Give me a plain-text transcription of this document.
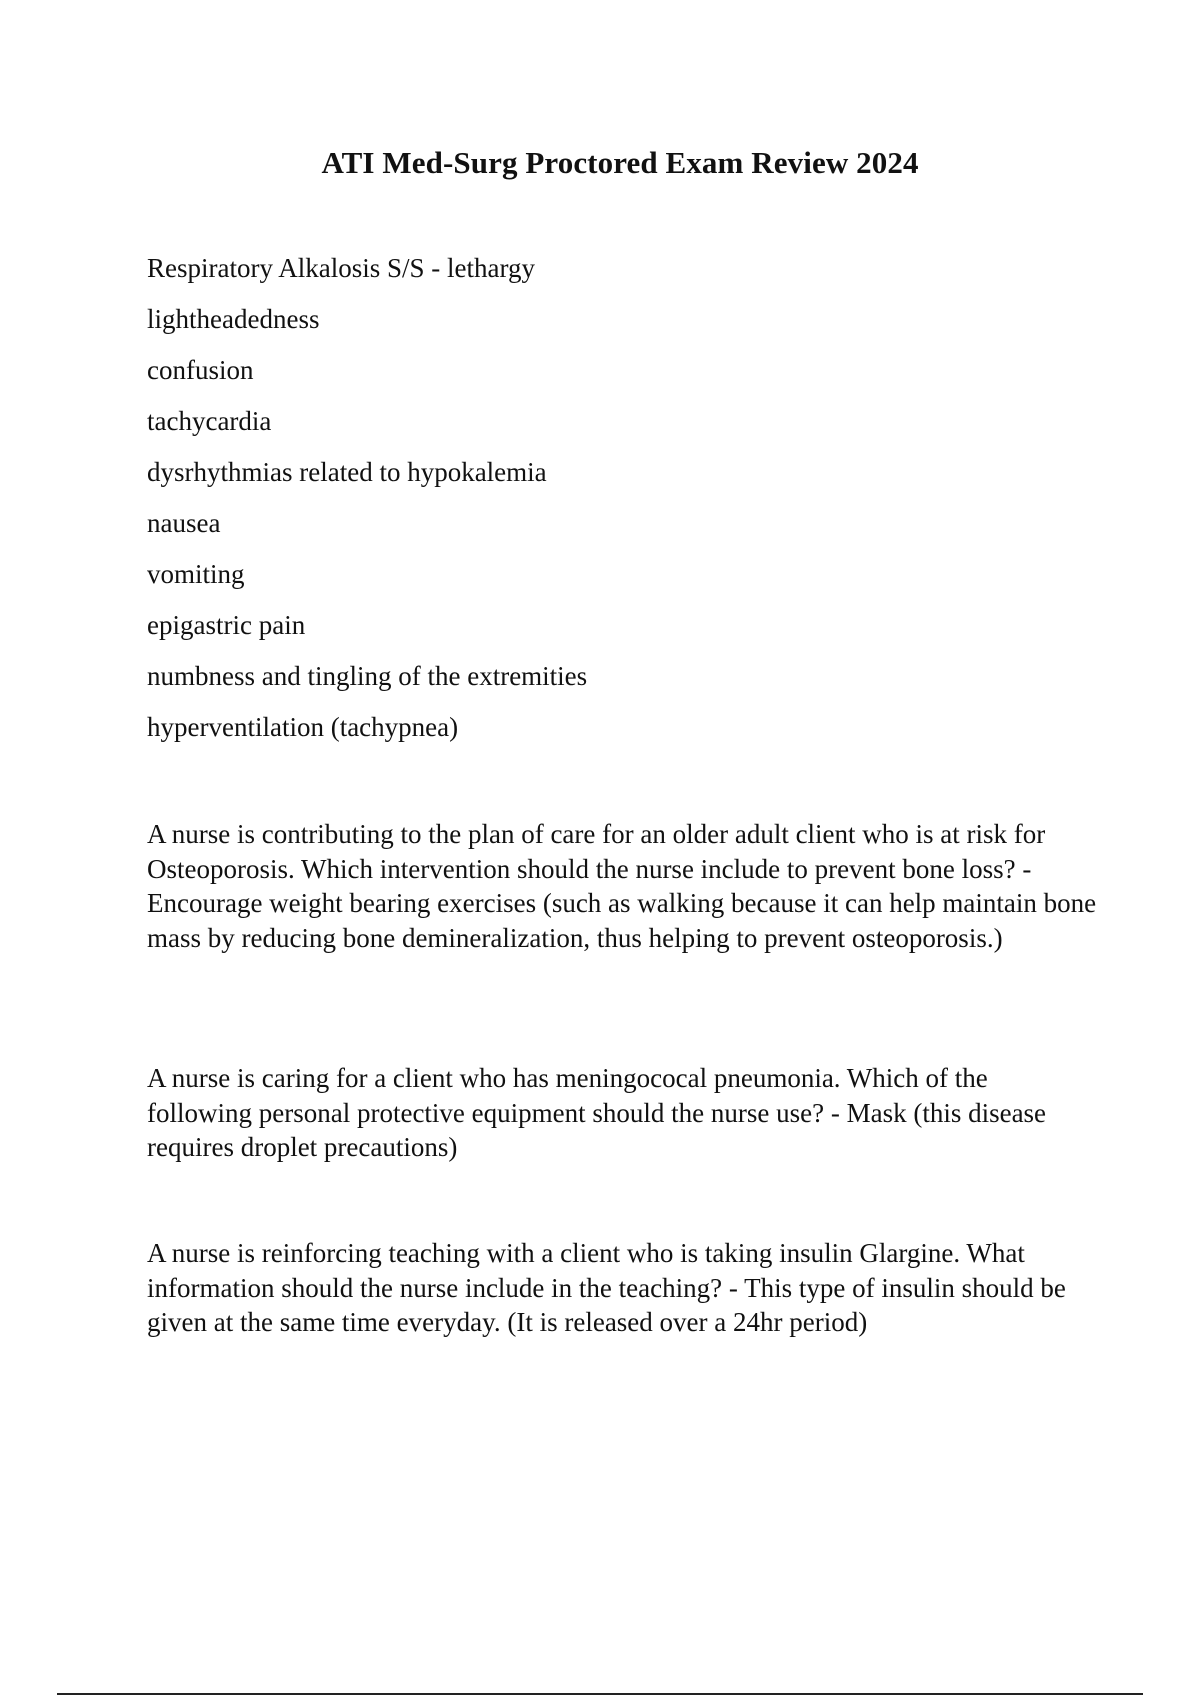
ATI Med-Surg Proctored Exam Review 2024
Respiratory Alkalosis S/S - lethargy
lightheadedness
confusion
tachycardia
dysrhythmias related to hypokalemia
nausea
vomiting
epigastric pain
numbness and tingling of the extremities
hyperventilation (tachypnea)

A nurse is contributing to the plan of care for an older adult client who is at risk for Osteoporosis. Which intervention should the nurse include to prevent bone loss? - Encourage weight bearing exercises (such as walking because it can help maintain bone mass by reducing bone demineralization, thus helping to prevent osteoporosis.)

A nurse is caring for a client who has meningococal pneumonia. Which of the following personal protective equipment should the nurse use? - Mask (this disease requires droplet precautions)

A nurse is reinforcing teaching with a client who is taking insulin Glargine. What information should the nurse include in the teaching? - This type of insulin should be given at the same time everyday. (It is released over a 24hr period)
